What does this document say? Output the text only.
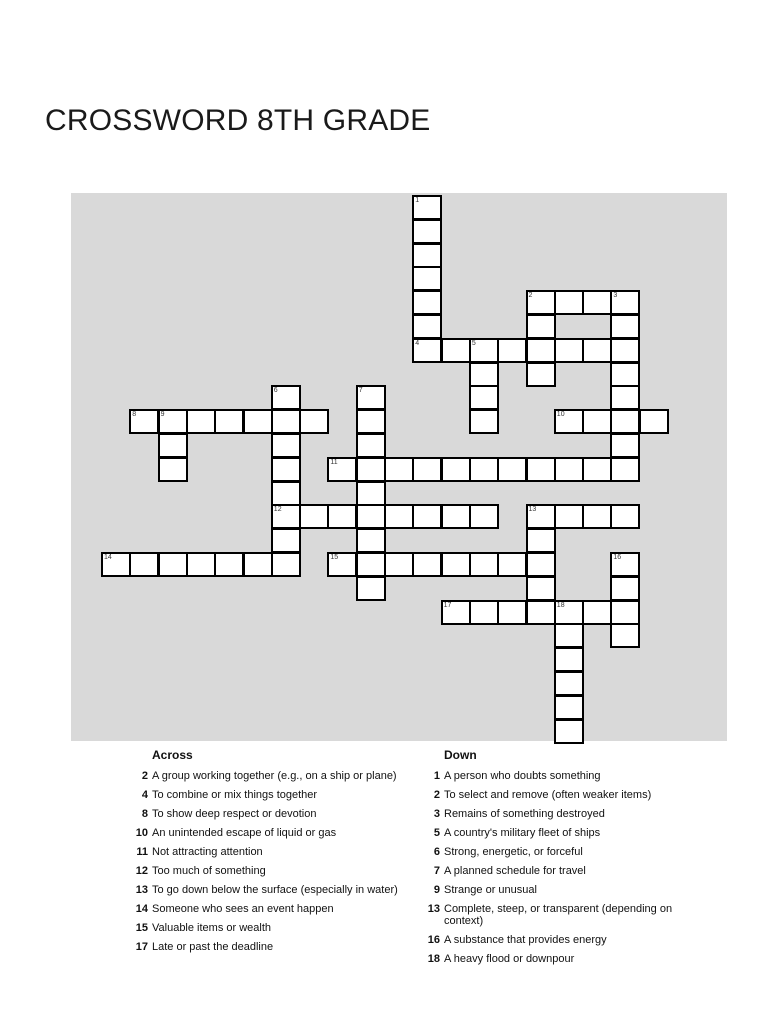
CROSSWORD 8TH GRADE
1
4
2	3
5
6
12
7
8	9	10
11
13
14	15	16
17	18
Across
2 A group working together (e.g., on a ship or plane)
4 To combine or mix things together
8 To show deep respect or devotion
10 An unintended escape of liquid or gas
11 Not attracting attention
12 Too much of something
13 To go down below the surface (especially in water)
14 Someone who sees an event happen
15 Valuable items or wealth
17 Late or past the deadline
Down
1 A person who doubts something
2 To select and remove (often weaker items)
3 Remains of something destroyed
5 A country's military fleet of ships
6 Strong, energetic, or forceful
7 A planned schedule for travel
9 Strange or unusual
13 Complete, steep, or transparent (depending on context)
16 A substance that provides energy
18 A heavy flood or downpour
